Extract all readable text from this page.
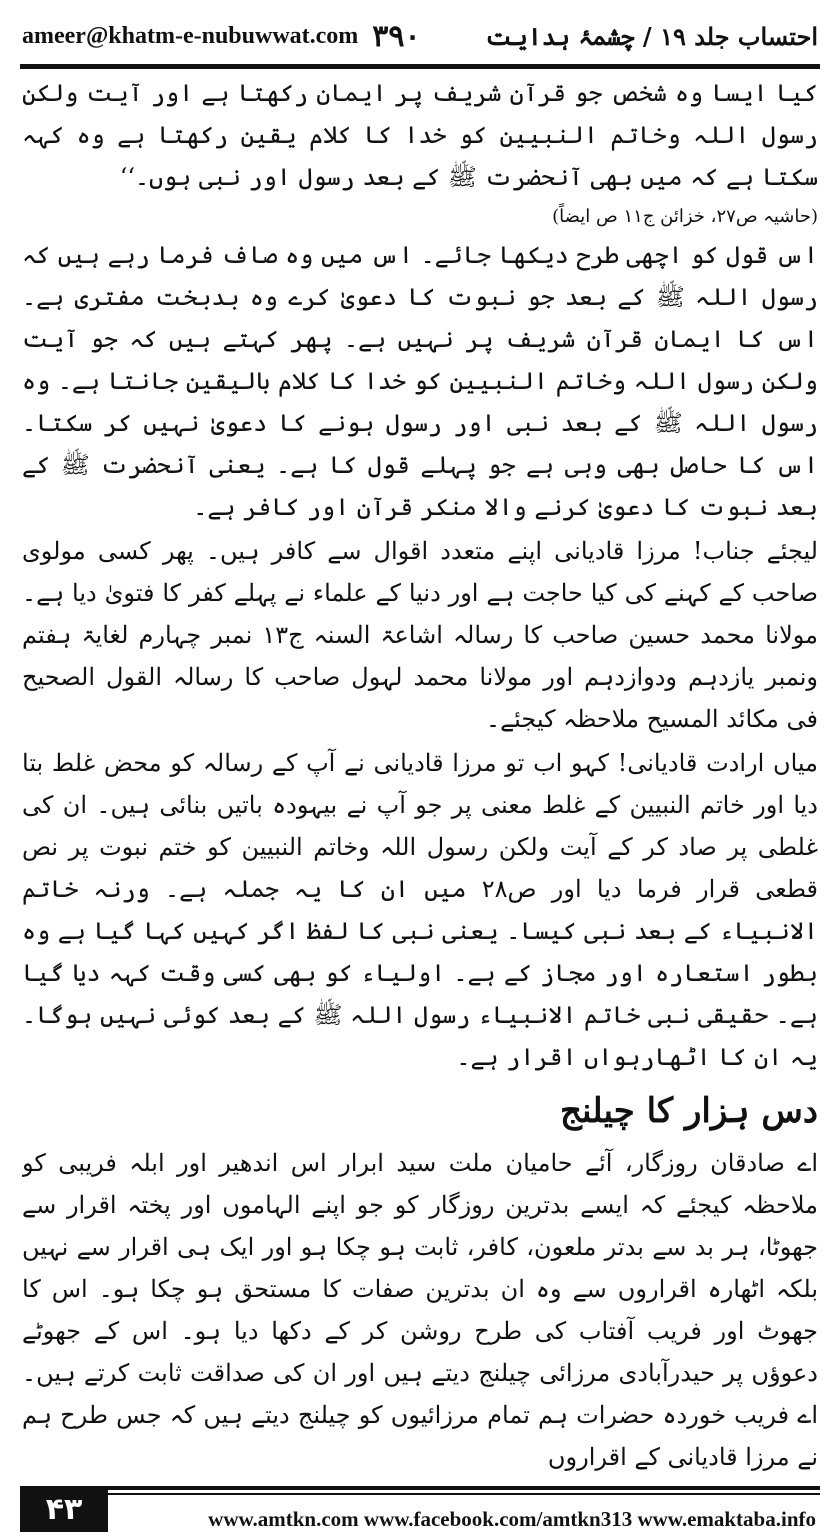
ameer@khatm-e-nubuwwat.com ۳۹۰	احتساب جلد ۱۹ / چشمۂ ہدایت

کیا ایسا وہ شخص جو قرآن شریف پر ایمان رکھتا ہے اور آیت ولکن رسول اللہ وخاتم النبیین کو خدا کا کلام یقین رکھتا ہے وہ کہہ سکتا ہے کہ میں بھی آنحضرت ﷺ کے بعد رسول اور نبی ہوں۔‘‘

(حاشیہ ص۲۷، خزائن ج۱۱ ص ایضاً)

اس قول کو اچھی طرح دیکھا جائے۔ اس میں وہ صاف فرما رہے ہیں کہ رسول اللہ ﷺ کے بعد جو نبوت کا دعویٰ کرے وہ بدبخت مفتری ہے۔ اس کا ایمان قرآن شریف پر نہیں ہے۔ پھر کہتے ہیں کہ جو آیت ولکن رسول اللہ وخاتم النبیین کو خدا کا کلام بالیقین جانتا ہے۔ وہ رسول اللہ ﷺ کے بعد نبی اور رسول ہونے کا دعویٰ نہیں کر سکتا۔ اس کا حاصل بھی وہی ہے جو پہلے قول کا ہے۔ یعنی آنحضرت ﷺ کے بعد نبوت کا دعویٰ کرنے والا منکر قرآن اور کافر ہے۔

لیجئے جناب! مرزا قادیانی اپنے متعدد اقوال سے کافر ہیں۔ پھر کسی مولوی صاحب کے کہنے کی کیا حاجت ہے اور دنیا کے علماء نے پہلے کفر کا فتویٰ دیا ہے۔ مولانا محمد حسین صاحب کا رسالہ اشاعۃ السنہ ج۱۳ نمبر چہارم لغایۃ ہفتم ونمبر یازدہم ودوازدہم اور مولانا محمد لہول صاحب کا رسالہ القول الصحیح فی مکائد المسیح ملاحظہ کیجئے۔

میاں ارادت قادیانی! کہو اب تو مرزا قادیانی نے آپ کے رسالہ کو محض غلط بتا دیا اور خاتم النبیین کے غلط معنی پر جو آپ نے بیہودہ باتیں بنائی ہیں۔ ان کی غلطی پر صاد کر کے آیت ولکن رسول اللہ وخاتم النبیین کو ختم نبوت پر نص قطعی قرار فرما دیا اور ص۲۸ میں ان کا یہ جملہ ہے۔ ورنہ خاتم الانبیاء کے بعد نبی کیسا۔ یعنی نبی کا لفظ اگر کہیں کہا گیا ہے وہ بطور استعارہ اور مجاز کے ہے۔ اولیاء کو بھی کسی وقت کہہ دیا گیا ہے۔ حقیقی نبی خاتم الانبیاء رسول اللہ ﷺ کے بعد کوئی نہیں ہوگا۔ یہ ان کا اٹھارہواں اقرار ہے۔

دس ہزار کا چیلنج

اے صادقان روزگار، آئے حامیان ملت سید ابرار اس اندھیر اور ابلہ فریبی کو ملاحظہ کیجئے کہ ایسے بدترین روزگار کو جو اپنے الہاموں اور پختہ اقرار سے جھوٹا، ہر بد سے بدتر ملعون، کافر، ثابت ہو چکا ہو اور ایک ہی اقرار سے نہیں بلکہ اٹھارہ اقراروں سے وہ ان بدترین صفات کا مستحق ہو چکا ہو۔ اس کا جھوٹ اور فریب آفتاب کی طرح روشن کر کے دکھا دیا ہو۔ اس کے جھوٹے دعوؤں پر حیدرآبادی مرزائی چیلنج دیتے ہیں اور ان کی صداقت ثابت کرتے ہیں۔ اے فریب خوردہ حضرات ہم تمام مرزائیوں کو چیلنج دیتے ہیں کہ جس طرح ہم نے مرزا قادیانی کے اقراروں

۴۳	www.amtkn.com www.facebook.com/amtkn313 www.emaktaba.info
